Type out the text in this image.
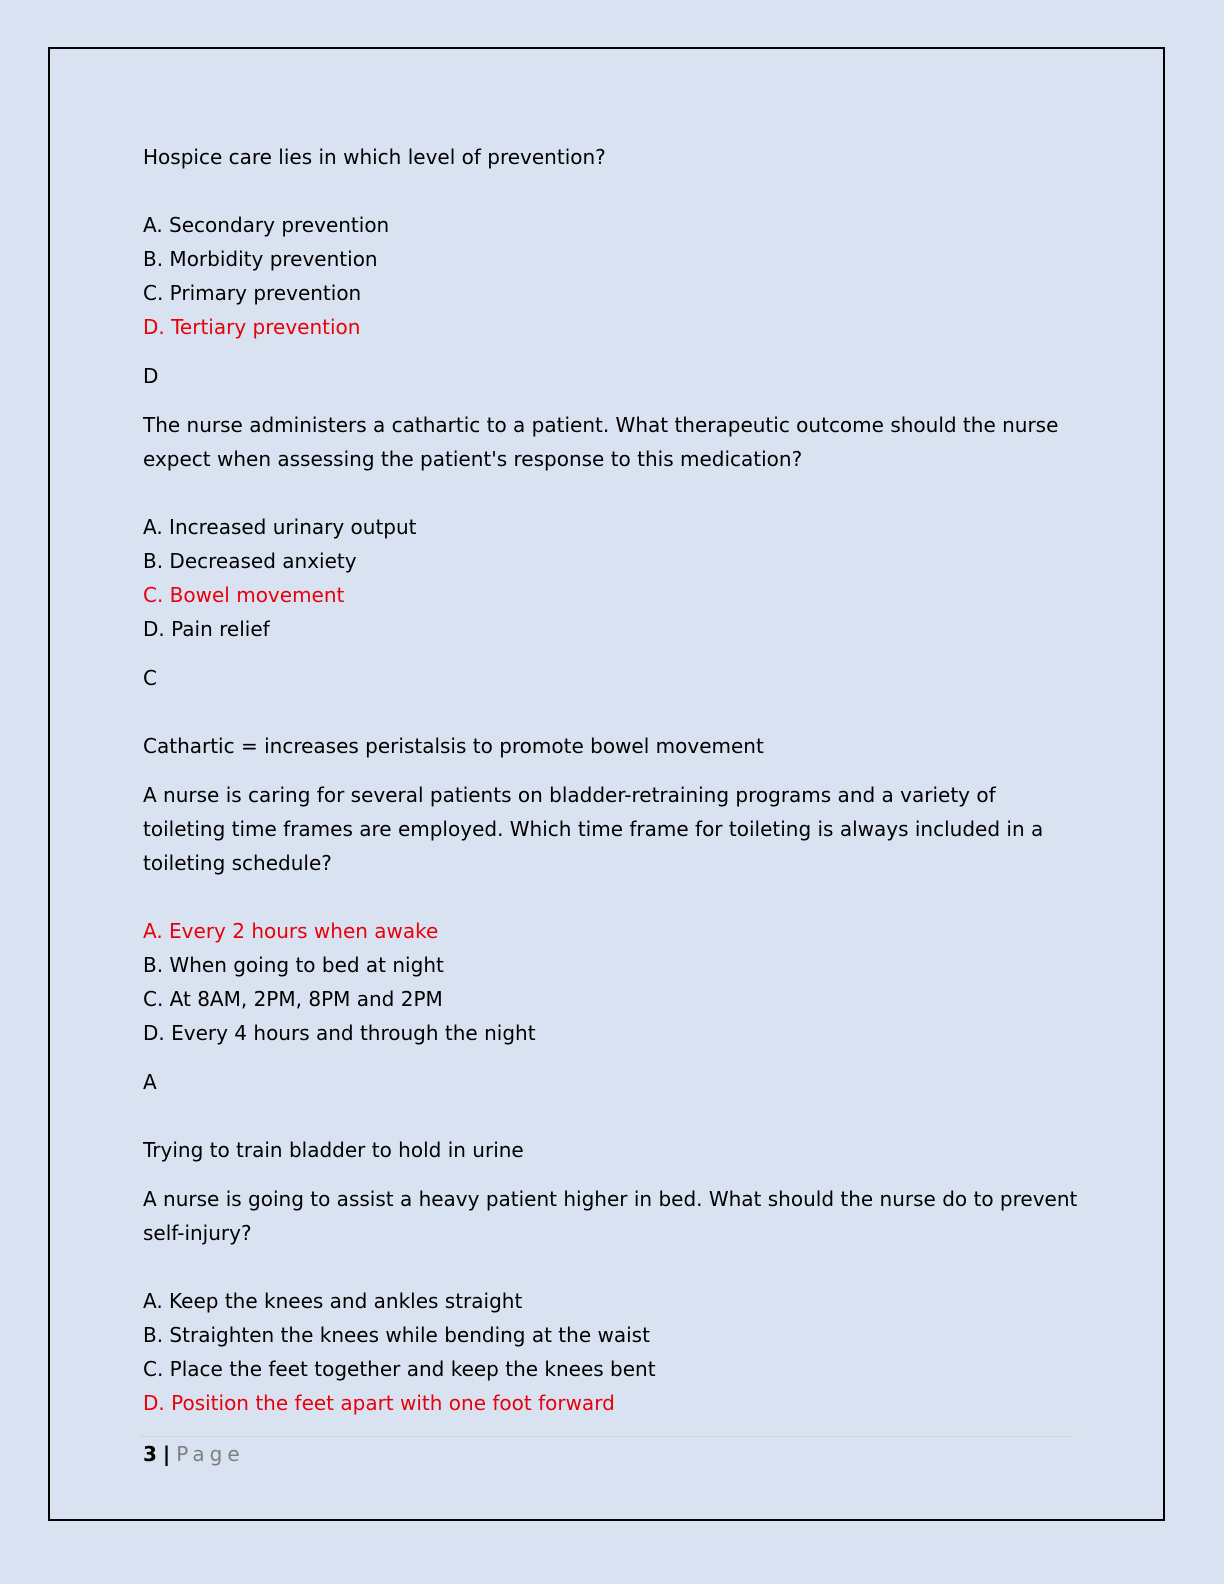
Hospice care lies in which level of prevention?

A. Secondary prevention

B. Morbidity prevention

C. Primary prevention

D. Tertiary prevention

D

The nurse administers a cathartic to a patient. What therapeutic outcome should the nurse expect when assessing the patient's response to this medication?

A. Increased urinary output

B. Decreased anxiety

C. Bowel movement

D. Pain relief

C

Cathartic = increases peristalsis to promote bowel movement

A nurse is caring for several patients on bladder-retraining programs and a variety of toileting time frames are employed. Which time frame for toileting is always included in a toileting schedule?

A. Every 2 hours when awake

B. When going to bed at night

C. At 8AM, 2PM, 8PM and 2PM

D. Every 4 hours and through the night

A

Trying to train bladder to hold in urine

A nurse is going to assist a heavy patient higher in bed. What should the nurse do to prevent self-injury?

A. Keep the knees and ankles straight

B. Straighten the knees while bending at the waist

C. Place the feet together and keep the knees bent

D. Position the feet apart with one foot forward

3 | Page
